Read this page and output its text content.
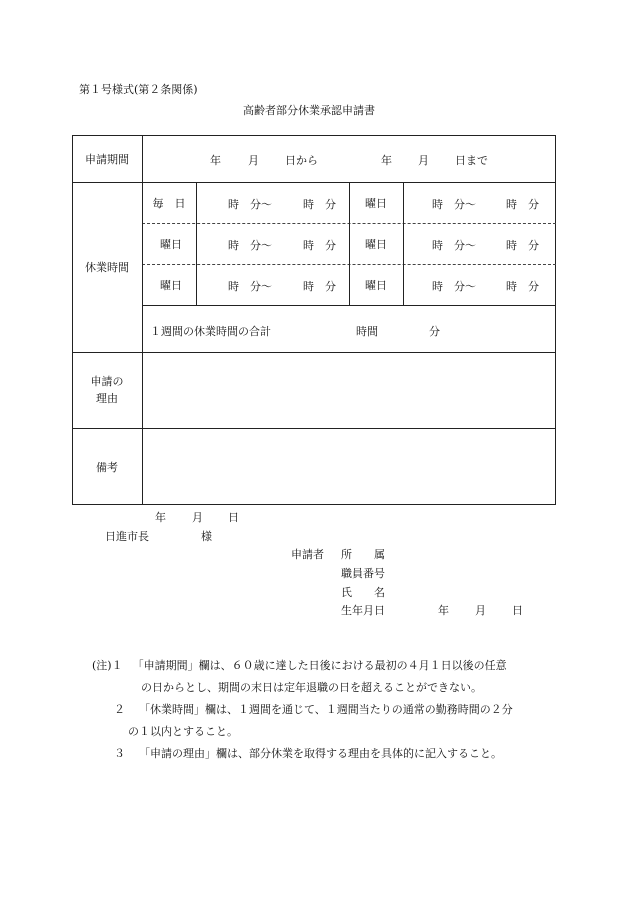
第１号様式(第２条関係)
高齢者部分休業承認申請書
申請期間	年 月 日から	年 月 日まで
休業時間
毎　日	時　分～	時　分	曜日	時　分～	時　分
曜日	時　分～	時　分	曜日	時　分～	時　分
曜日	時　分～	時　分	曜日	時　分～	時　分
１週間の休業時間の合計	時間	分
申請の
理由
備考
年 月 日
日進市長	様
申請者 所　　属
職員番号
氏　　名
生年月日	年 月 日
(注)１ 「申請期間」欄は、６０歳に達した日後における最初の４月１日以後の任意
の日からとし、期間の末日は定年退職の日を超えることができない。
２ 「休業時間」欄は、１週間を通じて、１週間当たりの通常の勤務時間の２分
の１以内とすること。
３ 「申請の理由」欄は、部分休業を取得する理由を具体的に記入すること。
